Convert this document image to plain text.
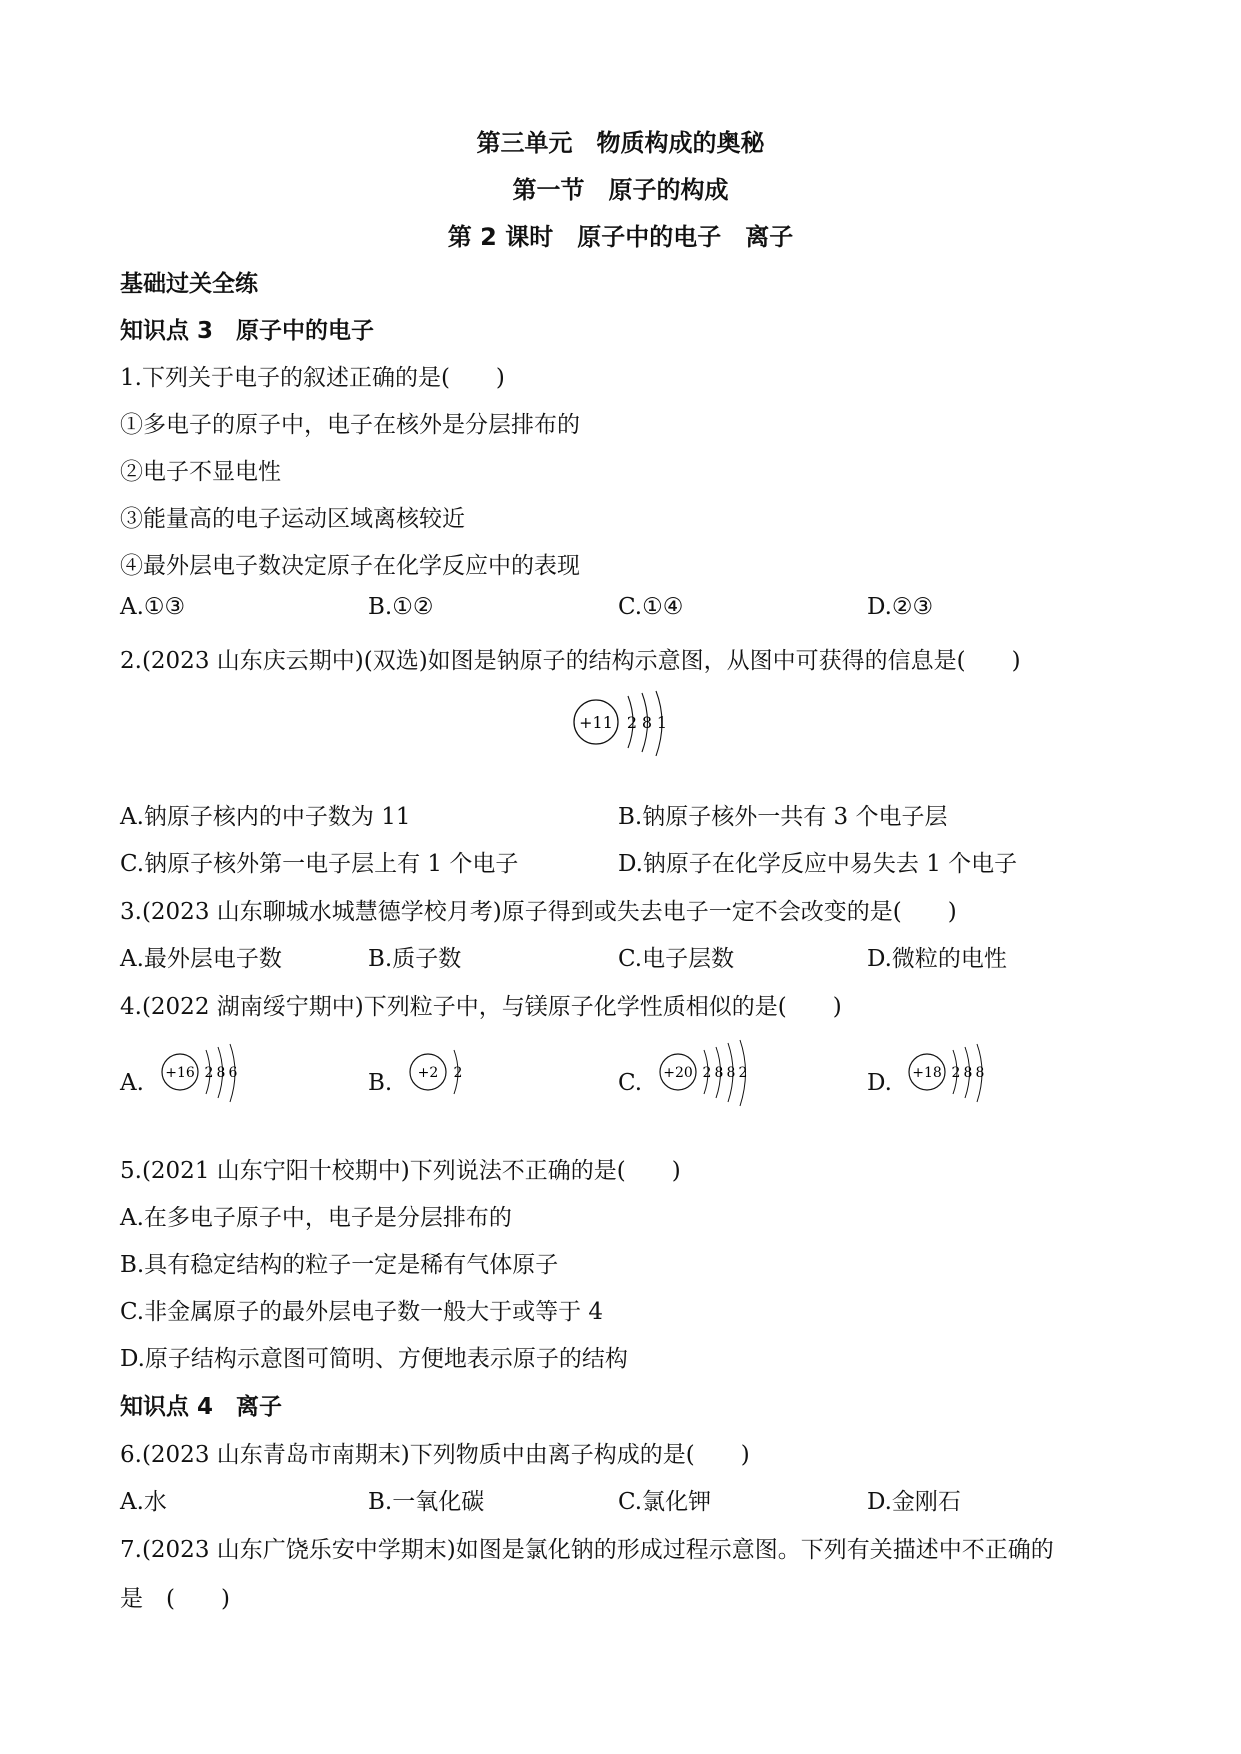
第三单元　物质构成的奥秘
第一节　原子的构成
第 2 课时　原子中的电子　离子
基础过关全练
知识点 3　原子中的电子
1.下列关于电子的叙述正确的是(　　)
①多电子的原子中，电子在核外是分层排布的
②电子不显电性
③能量高的电子运动区域离核较近
④最外层电子数决定原子在化学反应中的表现
A.①③	B.①②	C.①④	D.②③
2.(2023 山东庆云期中)(双选)如图是钠原子的结构示意图，从图中可获得的信息是(　　)
+11 2 8 1
A.钠原子核内的中子数为 11	B.钠原子核外一共有 3 个电子层
C.钠原子核外第一电子层上有 1 个电子	D.钠原子在化学反应中易失去 1 个电子
3.(2023 山东聊城水城慧德学校月考)原子得到或失去电子一定不会改变的是(　　)
A.最外层电子数	B.质子数	C.电子层数	D.微粒的电性
4.(2022 湖南绥宁期中)下列粒子中，与镁原子化学性质相似的是(　　)
A. +16 2 8 6	B. +2 2	C. +20 2 8 8 2	D. +18 2 8 8
5.(2021 山东宁阳十校期中)下列说法不正确的是(　　)
A.在多电子原子中，电子是分层排布的
B.具有稳定结构的粒子一定是稀有气体原子
C.非金属原子的最外层电子数一般大于或等于 4
D.原子结构示意图可简明、方便地表示原子的结构
知识点 4　离子
6.(2023 山东青岛市南期末)下列物质中由离子构成的是(　　)
A.水	B.一氧化碳	C.氯化钾	D.金刚石
7.(2023 山东广饶乐安中学期末)如图是氯化钠的形成过程示意图。下列有关描述中不正确的
是　(　　)
